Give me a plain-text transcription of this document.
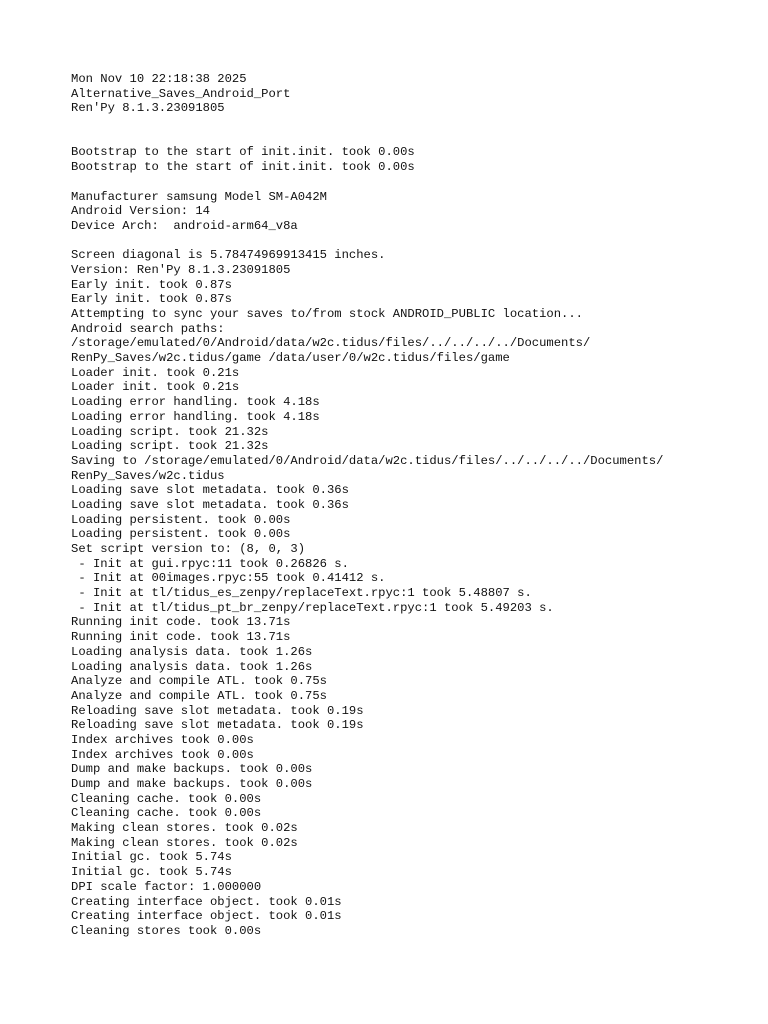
Mon Nov 10 22:18:38 2025
Alternative_Saves_Android_Port
Ren'Py 8.1.3.23091805
Bootstrap to the start of init.init. took 0.00s
Bootstrap to the start of init.init. took 0.00s
Manufacturer samsung Model SM-A042M
Android Version: 14
Device Arch:  android-arm64_v8a
Screen diagonal is 5.78474969913415 inches.
Version: Ren'Py 8.1.3.23091805
Early init. took 0.87s
Early init. took 0.87s
Attempting to sync your saves to/from stock ANDROID_PUBLIC location...
Android search paths:
/storage/emulated/0/Android/data/w2c.tidus/files/../../../../Documents/
RenPy_Saves/w2c.tidus/game /data/user/0/w2c.tidus/files/game
Loader init. took 0.21s
Loader init. took 0.21s
Loading error handling. took 4.18s
Loading error handling. took 4.18s
Loading script. took 21.32s
Loading script. took 21.32s
Saving to /storage/emulated/0/Android/data/w2c.tidus/files/../../../../Documents/
RenPy_Saves/w2c.tidus
Loading save slot metadata. took 0.36s
Loading save slot metadata. took 0.36s
Loading persistent. took 0.00s
Loading persistent. took 0.00s
Set script version to: (8, 0, 3)
- Init at gui.rpyc:11 took 0.26826 s.
- Init at 00images.rpyc:55 took 0.41412 s.
- Init at tl/tidus_es_zenpy/replaceText.rpyc:1 took 5.48807 s.
- Init at tl/tidus_pt_br_zenpy/replaceText.rpyc:1 took 5.49203 s.
Running init code. took 13.71s
Running init code. took 13.71s
Loading analysis data. took 1.26s
Loading analysis data. took 1.26s
Analyze and compile ATL. took 0.75s
Analyze and compile ATL. took 0.75s
Reloading save slot metadata. took 0.19s
Reloading save slot metadata. took 0.19s
Index archives took 0.00s
Index archives took 0.00s
Dump and make backups. took 0.00s
Dump and make backups. took 0.00s
Cleaning cache. took 0.00s
Cleaning cache. took 0.00s
Making clean stores. took 0.02s
Making clean stores. took 0.02s
Initial gc. took 5.74s
Initial gc. took 5.74s
DPI scale factor: 1.000000
Creating interface object. took 0.01s
Creating interface object. took 0.01s
Cleaning stores took 0.00s
